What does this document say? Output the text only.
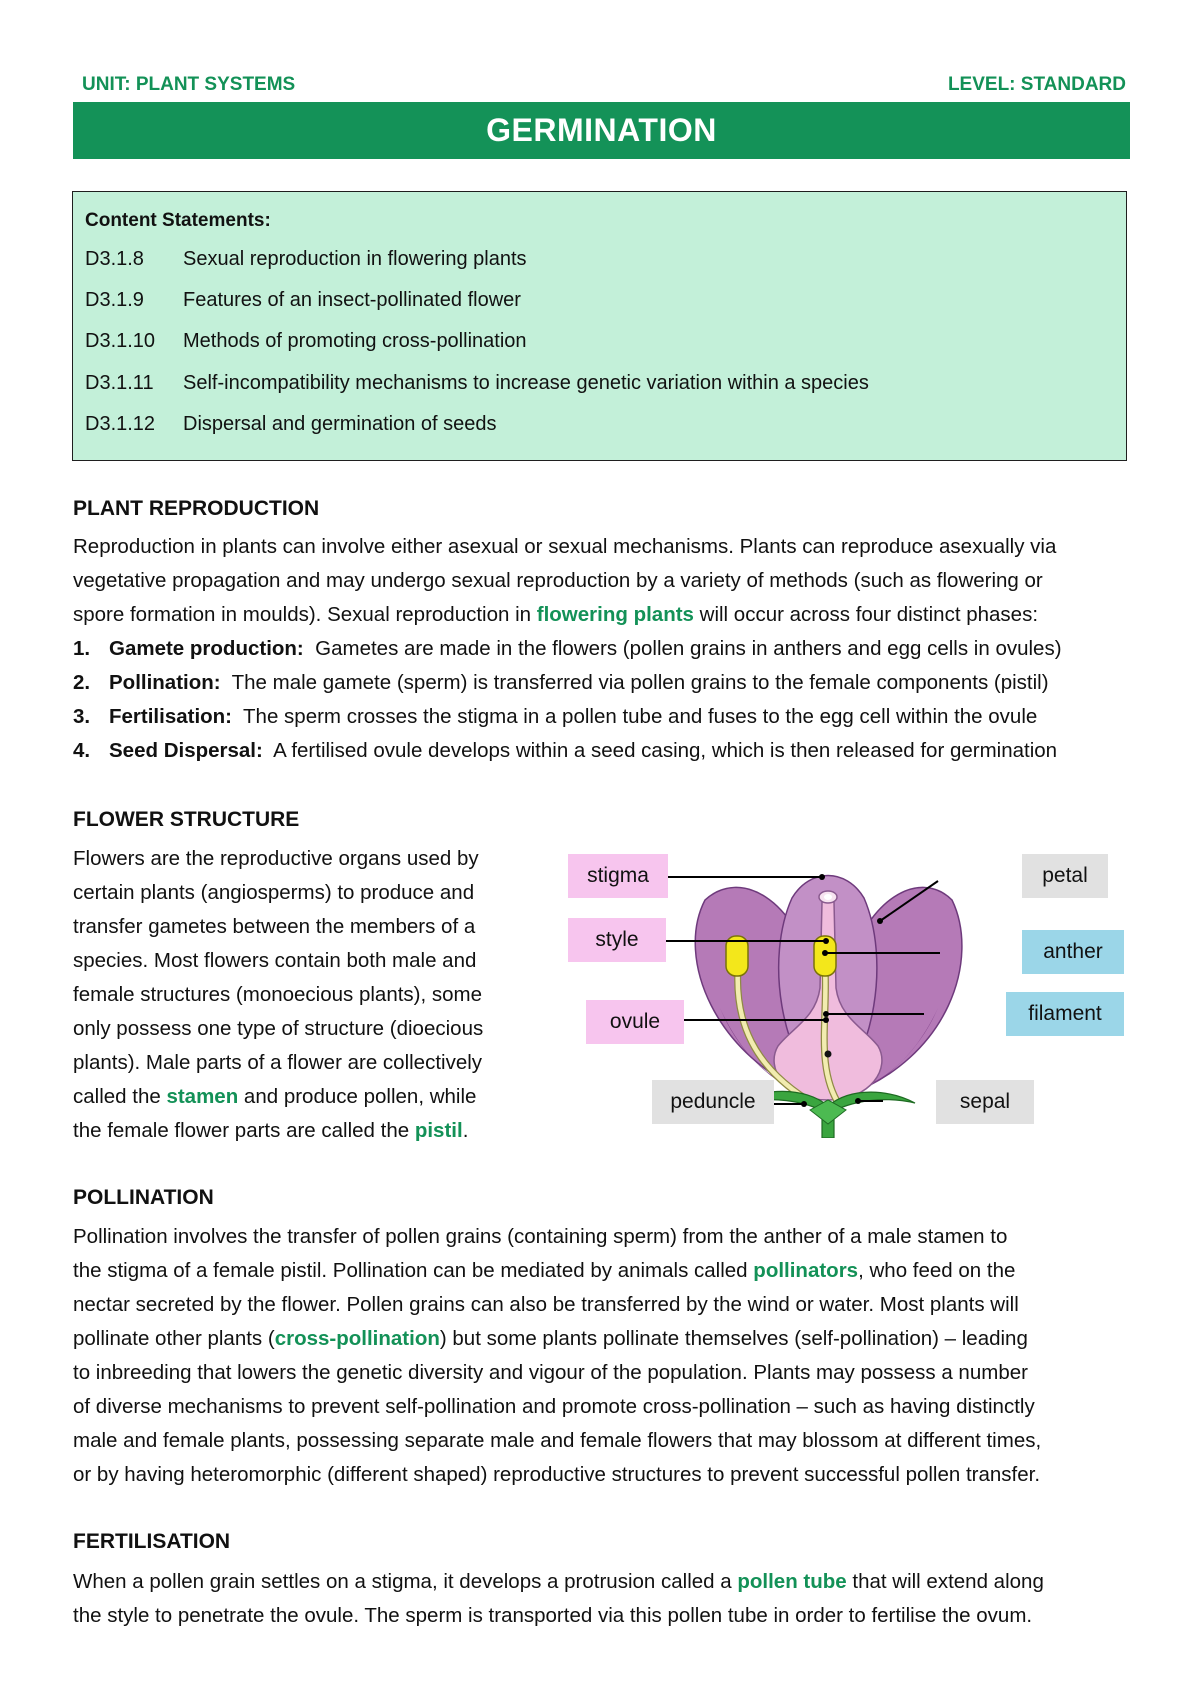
UNIT: PLANT SYSTEMS	LEVEL: STANDARD
GERMINATION
Content Statements:
D3.1.8 Sexual reproduction in flowering plants
D3.1.9 Features of an insect-pollinated flower
D3.1.10 Methods of promoting cross-pollination
D3.1.11 Self-incompatibility mechanisms to increase genetic variation within a species
D3.1.12 Dispersal and germination of seeds
PLANT REPRODUCTION
Reproduction in plants can involve either asexual or sexual mechanisms. Plants can reproduce asexually via
vegetative propagation and may undergo sexual reproduction by a variety of methods (such as flowering or
spore formation in moulds). Sexual reproduction in flowering plants will occur across four distinct phases:
1. Gamete production:  Gametes are made in the flowers (pollen grains in anthers and egg cells in ovules)
2. Pollination:  The male gamete (sperm) is transferred via pollen grains to the female components (pistil)
3. Fertilisation:  The sperm crosses the stigma in a pollen tube and fuses to the egg cell within the ovule
4. Seed Dispersal:  A fertilised ovule develops within a seed casing, which is then released for germination
FLOWER STRUCTURE
Flowers are the reproductive organs used by
certain plants (angiosperms) to produce and
transfer gametes between the members of a
species. Most flowers contain both male and
female structures (monoecious plants), some
only possess one type of structure (dioecious
plants). Male parts of a flower are collectively
called the stamen and produce pollen, while
the female flower parts are called the pistil.
stigma
style
ovule
peduncle
petal
anther
filament
sepal
POLLINATION
Pollination involves the transfer of pollen grains (containing sperm) from the anther of a male stamen to
the stigma of a female pistil. Pollination can be mediated by animals called pollinators, who feed on the
nectar secreted by the flower. Pollen grains can also be transferred by the wind or water. Most plants will
pollinate other plants (cross-pollination) but some plants pollinate themselves (self-pollination) – leading
to inbreeding that lowers the genetic diversity and vigour of the population. Plants may possess a number
of diverse mechanisms to prevent self-pollination and promote cross-pollination – such as having distinctly
male and female plants, possessing separate male and female flowers that may blossom at different times,
or by having heteromorphic (different shaped) reproductive structures to prevent successful pollen transfer.
FERTILISATION
When a pollen grain settles on a stigma, it develops a protrusion called a pollen tube that will extend along
the style to penetrate the ovule. The sperm is transported via this pollen tube in order to fertilise the ovum.
